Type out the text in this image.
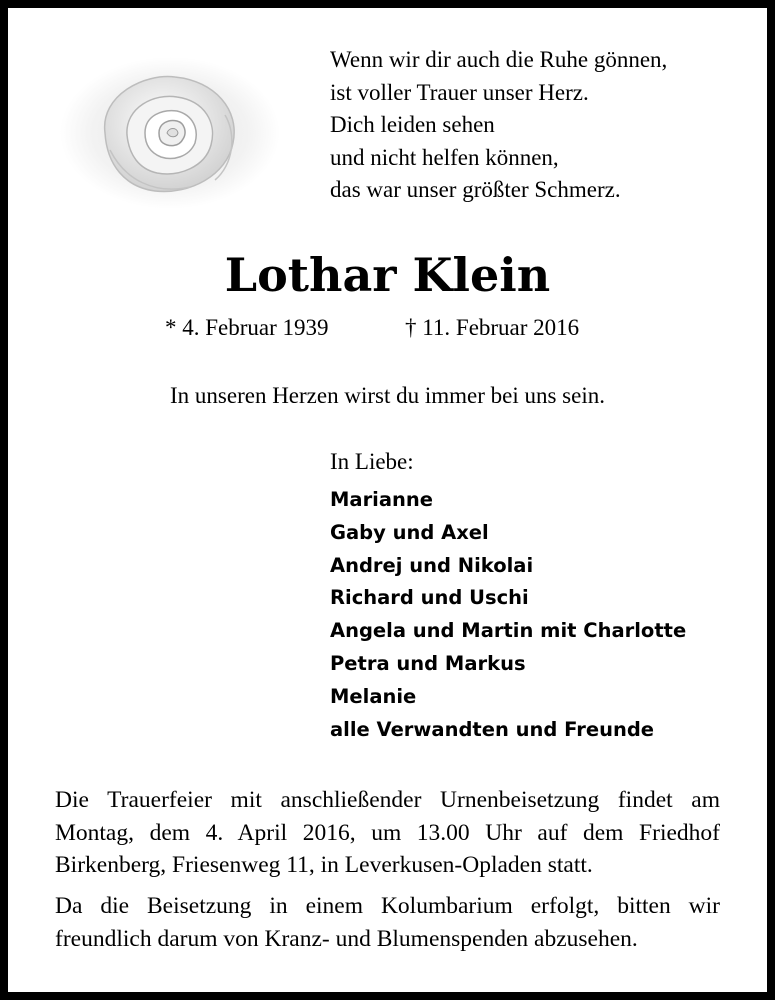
Wenn wir dir auch die Ruhe gönnen,
ist voller Trauer unser Herz.
Dich leiden sehen
und nicht helfen können,
das war unser größter Schmerz.
Lothar Klein
* 4. Februar 1939	† 11. Februar 2016
In unseren Herzen wirst du immer bei uns sein.
In Liebe:
Marianne
Gaby und Axel
Andrej und Nikolai
Richard und Uschi
Angela und Martin mit Charlotte
Petra und Markus
Melanie
alle Verwandten und Freunde
Die Trauerfeier mit anschließender Urnenbeisetzung findet am Montag, dem 4. April 2016, um 13.00 Uhr auf dem Friedhof Birkenberg, Friesenweg 11, in Leverkusen-Opladen statt.
Da die Beisetzung in einem Kolumbarium erfolgt, bitten wir freundlich darum von Kranz- und Blumenspenden abzusehen.
